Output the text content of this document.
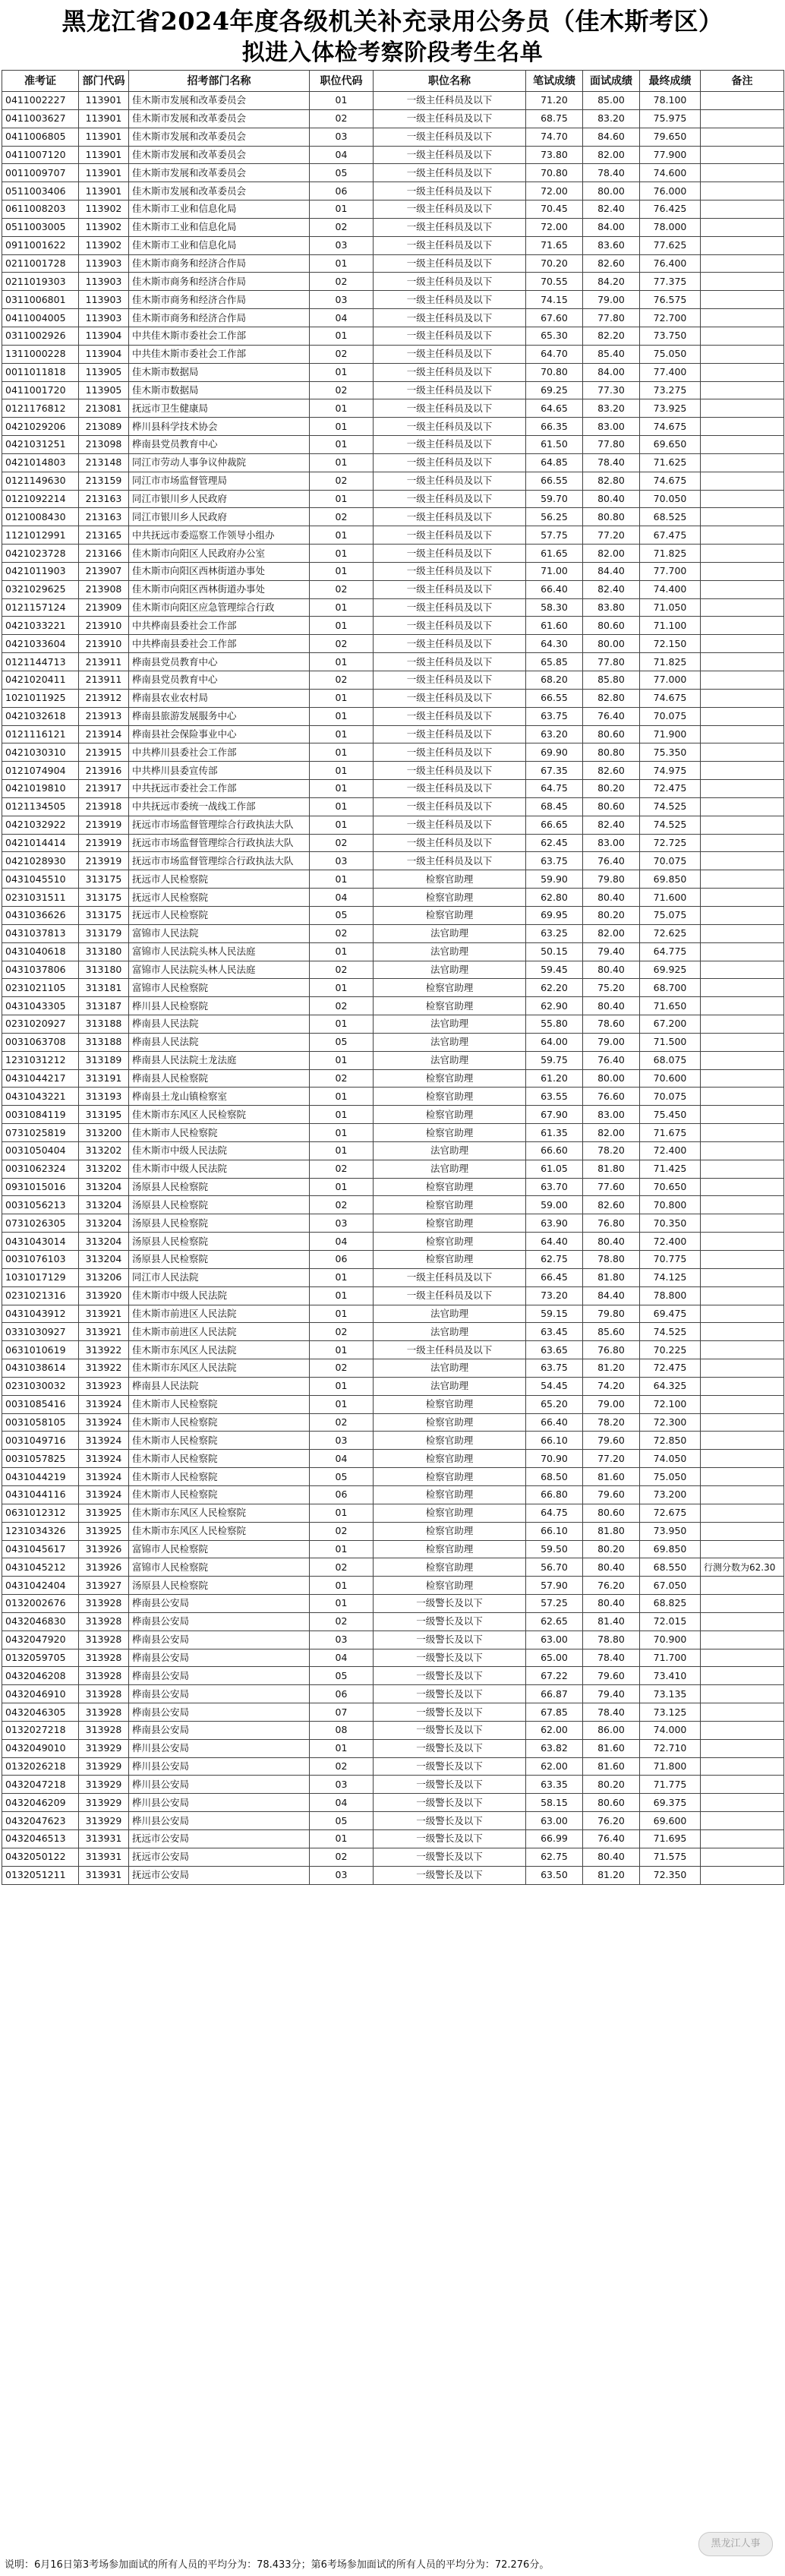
黑龙江省2024年度各级机关补充录用公务员（佳木斯考区）
拟进入体检考察阶段考生名单
准考证	部门代码	招考部门名称	职位代码	职位名称	笔试成绩	面试成绩	最终成绩	备注
0411002227	113901	佳木斯市发展和改革委员会	01	一级主任科员及以下	71.20	85.00	78.100	
0411003627	113901	佳木斯市发展和改革委员会	02	一级主任科员及以下	68.75	83.20	75.975	
0411006805	113901	佳木斯市发展和改革委员会	03	一级主任科员及以下	74.70	84.60	79.650	
0411007120	113901	佳木斯市发展和改革委员会	04	一级主任科员及以下	73.80	82.00	77.900	
0011009707	113901	佳木斯市发展和改革委员会	05	一级主任科员及以下	70.80	78.40	74.600	
0511003406	113901	佳木斯市发展和改革委员会	06	一级主任科员及以下	72.00	80.00	76.000	
0611008203	113902	佳木斯市工业和信息化局	01	一级主任科员及以下	70.45	82.40	76.425	
0511003005	113902	佳木斯市工业和信息化局	02	一级主任科员及以下	72.00	84.00	78.000	
0911001622	113902	佳木斯市工业和信息化局	03	一级主任科员及以下	71.65	83.60	77.625	
0211001728	113903	佳木斯市商务和经济合作局	01	一级主任科员及以下	70.20	82.60	76.400	
0211019303	113903	佳木斯市商务和经济合作局	02	一级主任科员及以下	70.55	84.20	77.375	
0311006801	113903	佳木斯市商务和经济合作局	03	一级主任科员及以下	74.15	79.00	76.575	
0411004005	113903	佳木斯市商务和经济合作局	04	一级主任科员及以下	67.60	77.80	72.700	
0311002926	113904	中共佳木斯市委社会工作部	01	一级主任科员及以下	65.30	82.20	73.750	
1311000228	113904	中共佳木斯市委社会工作部	02	一级主任科员及以下	64.70	85.40	75.050	
0011011818	113905	佳木斯市数据局	01	一级主任科员及以下	70.80	84.00	77.400	
0411001720	113905	佳木斯市数据局	02	一级主任科员及以下	69.25	77.30	73.275	
0121176812	213081	抚远市卫生健康局	01	一级主任科员及以下	64.65	83.20	73.925	
0421029206	213089	桦川县科学技术协会	01	一级主任科员及以下	66.35	83.00	74.675	
0421031251	213098	桦南县党员教育中心	01	一级主任科员及以下	61.50	77.80	69.650	
0421014803	213148	同江市劳动人事争议仲裁院	01	一级主任科员及以下	64.85	78.40	71.625	
0121149630	213159	同江市市场监督管理局	02	一级主任科员及以下	66.55	82.80	74.675	
0121092214	213163	同江市银川乡人民政府	01	一级主任科员及以下	59.70	80.40	70.050	
0121008430	213163	同江市银川乡人民政府	02	一级主任科员及以下	56.25	80.80	68.525	
1121012991	213165	中共抚远市委巡察工作领导小组办	01	一级主任科员及以下	57.75	77.20	67.475	
0421023728	213166	佳木斯市向阳区人民政府办公室	01	一级主任科员及以下	61.65	82.00	71.825	
0421011903	213907	佳木斯市向阳区西林街道办事处	01	一级主任科员及以下	71.00	84.40	77.700	
0321029625	213908	佳木斯市向阳区西林街道办事处	02	一级主任科员及以下	66.40	82.40	74.400	
0121157124	213909	佳木斯市向阳区应急管理综合行政	01	一级主任科员及以下	58.30	83.80	71.050	
0421033221	213910	中共桦南县委社会工作部	01	一级主任科员及以下	61.60	80.60	71.100	
0421033604	213910	中共桦南县委社会工作部	02	一级主任科员及以下	64.30	80.00	72.150	
0121144713	213911	桦南县党员教育中心	01	一级主任科员及以下	65.85	77.80	71.825	
0421020411	213911	桦南县党员教育中心	02	一级主任科员及以下	68.20	85.80	77.000	
1021011925	213912	桦南县农业农村局	01	一级主任科员及以下	66.55	82.80	74.675	
0421032618	213913	桦南县旅游发展服务中心	01	一级主任科员及以下	63.75	76.40	70.075	
0121116121	213914	桦南县社会保险事业中心	01	一级主任科员及以下	63.20	80.60	71.900	
0421030310	213915	中共桦川县委社会工作部	01	一级主任科员及以下	69.90	80.80	75.350	
0121074904	213916	中共桦川县委宣传部	01	一级主任科员及以下	67.35	82.60	74.975	
0421019810	213917	中共抚远市委社会工作部	01	一级主任科员及以下	64.75	80.20	72.475	
0121134505	213918	中共抚远市委统一战线工作部	01	一级主任科员及以下	68.45	80.60	74.525	
0421032922	213919	抚远市市场监督管理综合行政执法大队	01	一级主任科员及以下	66.65	82.40	74.525	
0421014414	213919	抚远市市场监督管理综合行政执法大队	02	一级主任科员及以下	62.45	83.00	72.725	
0421028930	213919	抚远市市场监督管理综合行政执法大队	03	一级主任科员及以下	63.75	76.40	70.075	
0431045510	313175	抚远市人民检察院	01	检察官助理	59.90	79.80	69.850	
0231031511	313175	抚远市人民检察院	04	检察官助理	62.80	80.40	71.600	
0431036626	313175	抚远市人民检察院	05	检察官助理	69.95	80.20	75.075	
0431037813	313179	富锦市人民法院	02	法官助理	63.25	82.00	72.625	
0431040618	313180	富锦市人民法院头林人民法庭	01	法官助理	50.15	79.40	64.775	
0431037806	313180	富锦市人民法院头林人民法庭	02	法官助理	59.45	80.40	69.925	
0231021105	313181	富锦市人民检察院	01	检察官助理	62.20	75.20	68.700	
0431043305	313187	桦川县人民检察院	02	检察官助理	62.90	80.40	71.650	
0231020927	313188	桦南县人民法院	01	法官助理	55.80	78.60	67.200	
0031063708	313188	桦南县人民法院	05	法官助理	64.00	79.00	71.500	
1231031212	313189	桦南县人民法院土龙法庭	01	法官助理	59.75	76.40	68.075	
0431044217	313191	桦南县人民检察院	02	检察官助理	61.20	80.00	70.600	
0431043221	313193	桦南县土龙山镇检察室	01	检察官助理	63.55	76.60	70.075	
0031084119	313195	佳木斯市东风区人民检察院	01	检察官助理	67.90	83.00	75.450	
0731025819	313200	佳木斯市人民检察院	01	检察官助理	61.35	82.00	71.675	
0031050404	313202	佳木斯市中级人民法院	01	法官助理	66.60	78.20	72.400	
0031062324	313202	佳木斯市中级人民法院	02	法官助理	61.05	81.80	71.425	
0931015016	313204	汤原县人民检察院	01	检察官助理	63.70	77.60	70.650	
0031056213	313204	汤原县人民检察院	02	检察官助理	59.00	82.60	70.800	
0731026305	313204	汤原县人民检察院	03	检察官助理	63.90	76.80	70.350	
0431043014	313204	汤原县人民检察院	04	检察官助理	64.40	80.40	72.400	
0031076103	313204	汤原县人民检察院	06	检察官助理	62.75	78.80	70.775	
1031017129	313206	同江市人民法院	01	一级主任科员及以下	66.45	81.80	74.125	
0231021316	313920	佳木斯市中级人民法院	01	一级主任科员及以下	73.20	84.40	78.800	
0431043912	313921	佳木斯市前进区人民法院	01	法官助理	59.15	79.80	69.475	
0331030927	313921	佳木斯市前进区人民法院	02	法官助理	63.45	85.60	74.525	
0631010619	313922	佳木斯市东风区人民法院	01	一级主任科员及以下	63.65	76.80	70.225	
0431038614	313922	佳木斯市东风区人民法院	02	法官助理	63.75	81.20	72.475	
0231030032	313923	桦南县人民法院	01	法官助理	54.45	74.20	64.325	
0031085416	313924	佳木斯市人民检察院	01	检察官助理	65.20	79.00	72.100	
0031058105	313924	佳木斯市人民检察院	02	检察官助理	66.40	78.20	72.300	
0031049716	313924	佳木斯市人民检察院	03	检察官助理	66.10	79.60	72.850	
0031057825	313924	佳木斯市人民检察院	04	检察官助理	70.90	77.20	74.050	
0431044219	313924	佳木斯市人民检察院	05	检察官助理	68.50	81.60	75.050	
0431044116	313924	佳木斯市人民检察院	06	检察官助理	66.80	79.60	73.200	
0631012312	313925	佳木斯市东风区人民检察院	01	检察官助理	64.75	80.60	72.675	
1231034326	313925	佳木斯市东风区人民检察院	02	检察官助理	66.10	81.80	73.950	
0431045617	313926	富锦市人民检察院	01	检察官助理	59.50	80.20	69.850	
0431045212	313926	富锦市人民检察院	02	检察官助理	56.70	80.40	68.550	行测分数为62.30
0431042404	313927	汤原县人民检察院	01	检察官助理	57.90	76.20	67.050	
0132002676	313928	桦南县公安局	01	一级警长及以下	57.25	80.40	68.825	
0432046830	313928	桦南县公安局	02	一级警长及以下	62.65	81.40	72.015	
0432047920	313928	桦南县公安局	03	一级警长及以下	63.00	78.80	70.900	
0132059705	313928	桦南县公安局	04	一级警长及以下	65.00	78.40	71.700	
0432046208	313928	桦南县公安局	05	一级警长及以下	67.22	79.60	73.410	
0432046910	313928	桦南县公安局	06	一级警长及以下	66.87	79.40	73.135	
0432046305	313928	桦南县公安局	07	一级警长及以下	67.85	78.40	73.125	
0132027218	313928	桦南县公安局	08	一级警长及以下	62.00	86.00	74.000	
0432049010	313929	桦川县公安局	01	一级警长及以下	63.82	81.60	72.710	
0132026218	313929	桦川县公安局	02	一级警长及以下	62.00	81.60	71.800	
0432047218	313929	桦川县公安局	03	一级警长及以下	63.35	80.20	71.775	
0432046209	313929	桦川县公安局	04	一级警长及以下	58.15	80.60	69.375	
0432047623	313929	桦川县公安局	05	一级警长及以下	63.00	76.20	69.600	
0432046513	313931	抚远市公安局	01	一级警长及以下	66.99	76.40	71.695	
0432050122	313931	抚远市公安局	02	一级警长及以下	62.75	80.40	71.575	
0132051211	313931	抚远市公安局	03	一级警长及以下	63.50	81.20	72.350	
黑龙江人事
说明：6月16日第3考场参加面试的所有人员的平均分为：78.433分；第6考场参加面试的所有人员的平均分为：72.276分。
